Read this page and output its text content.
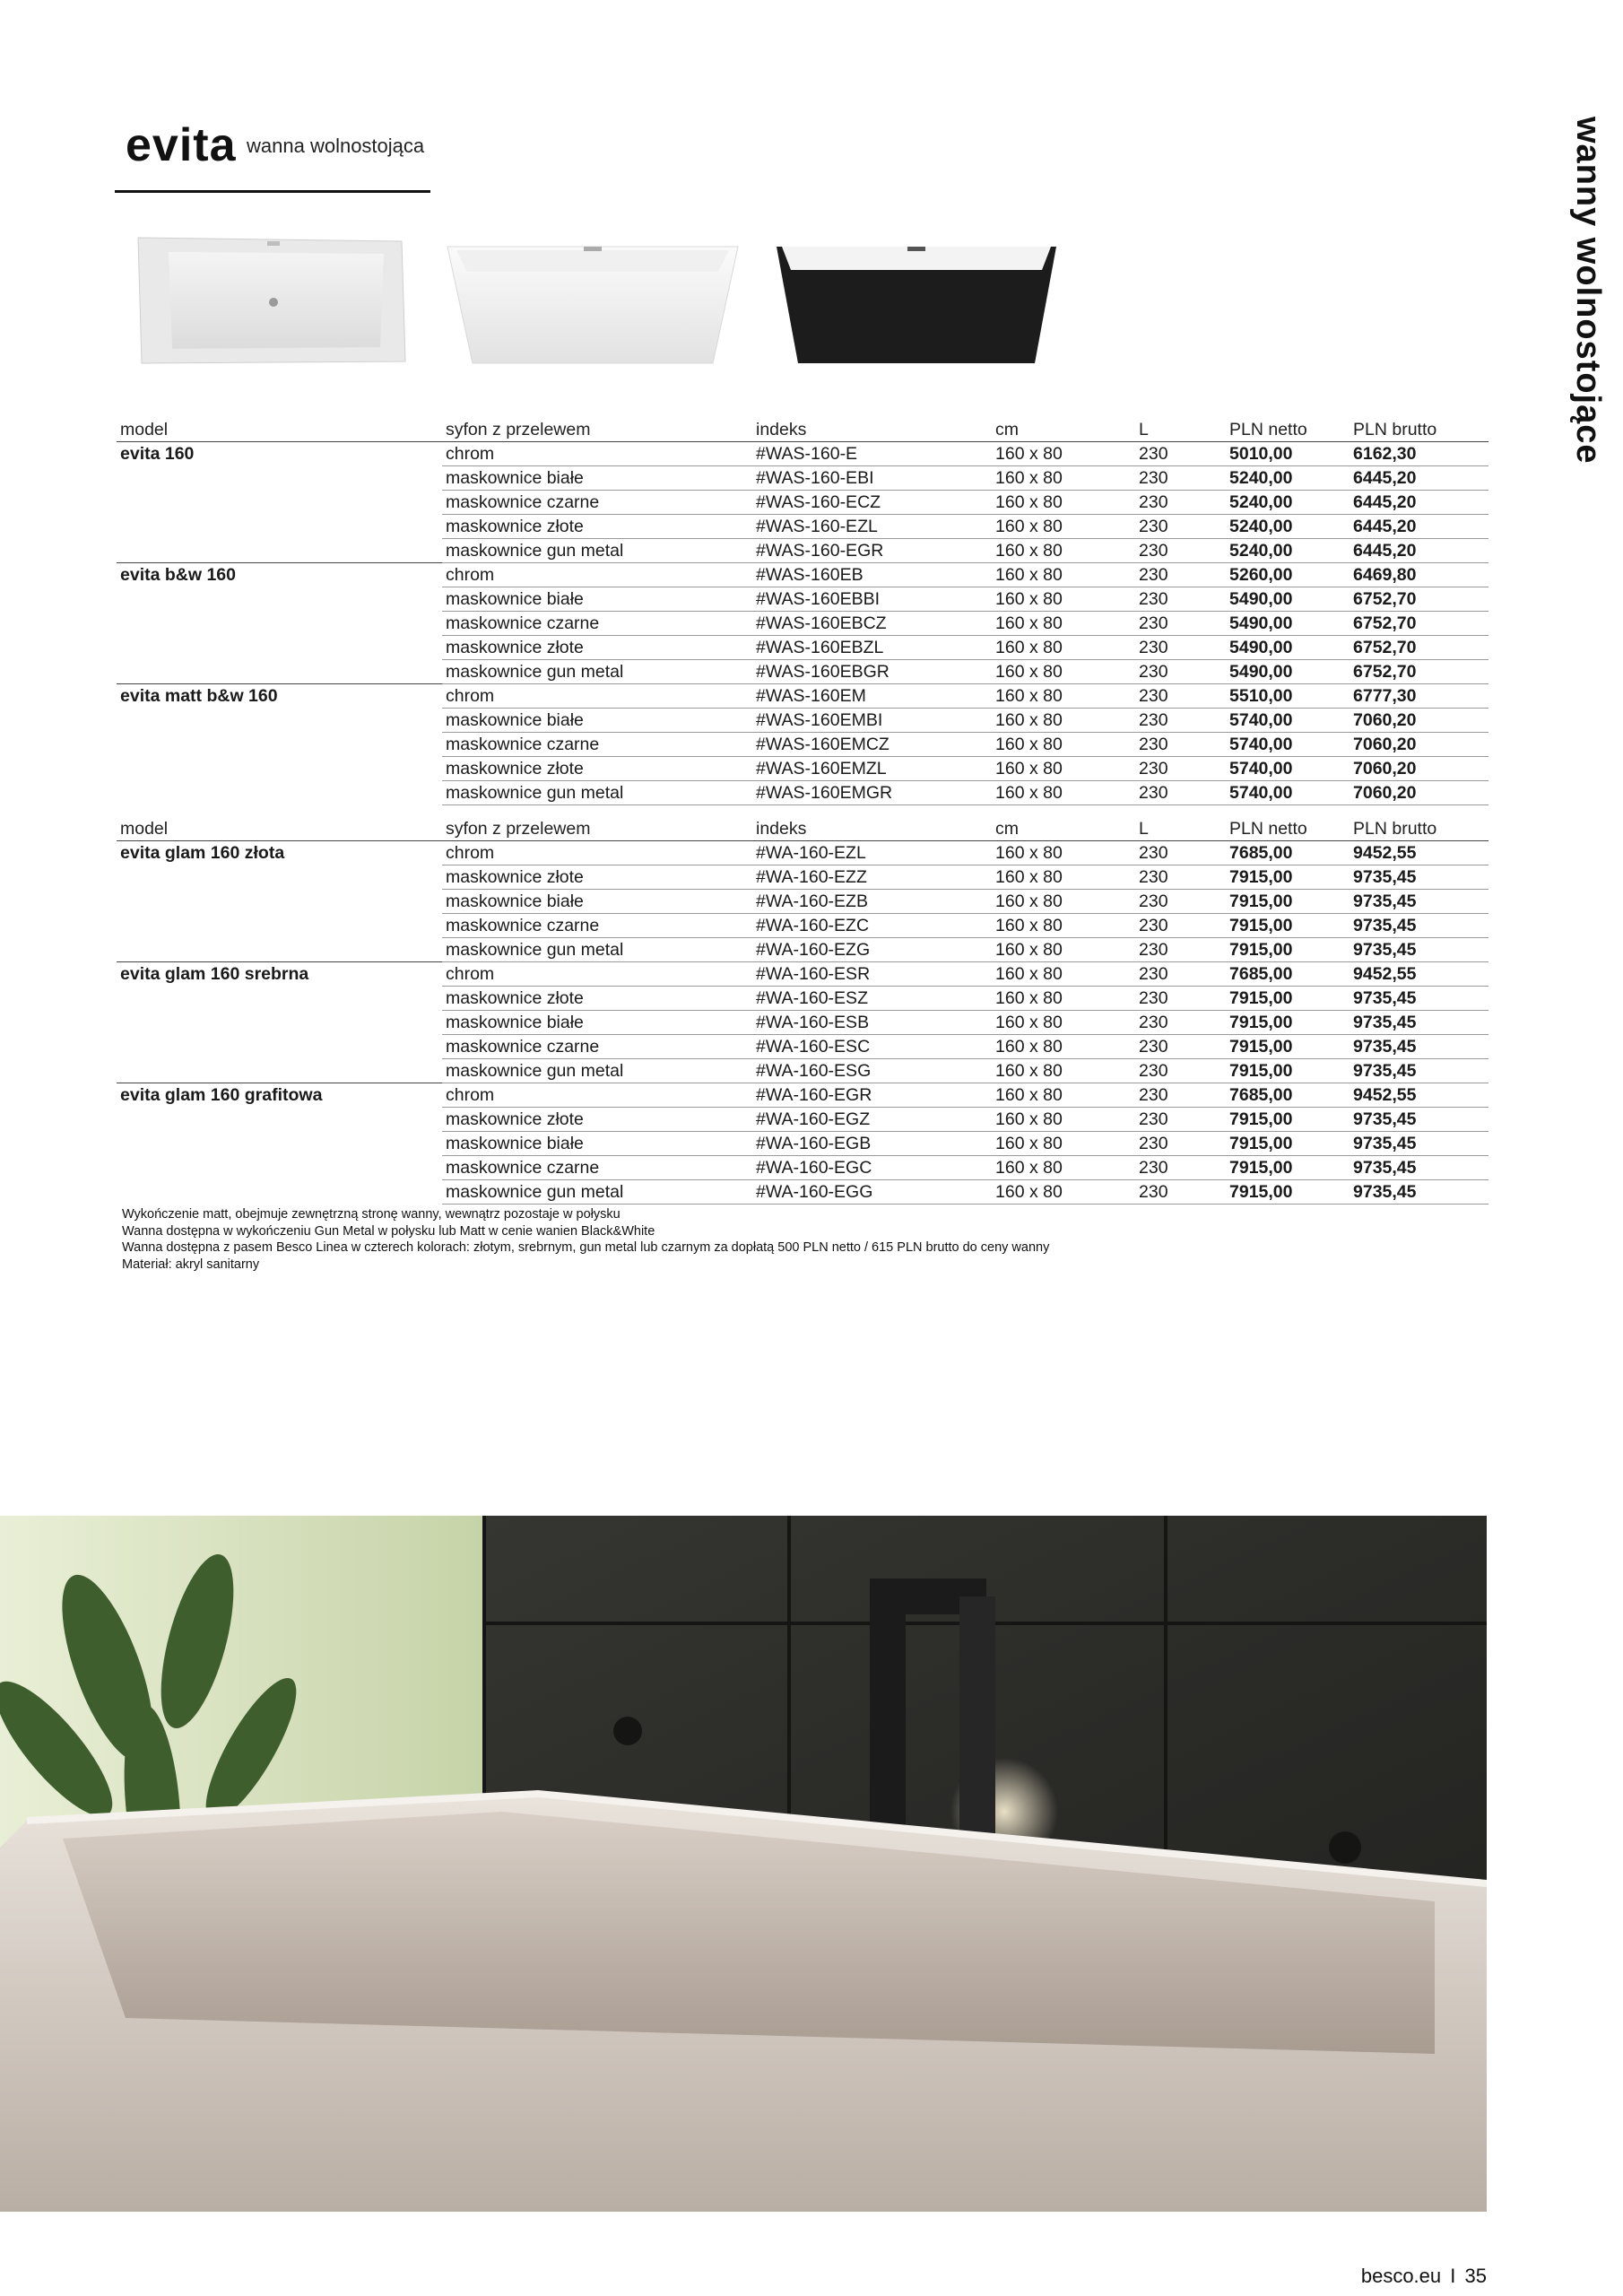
evita wanna wolnostojąca	wanny wolnostojące
model	syfon z przelewem	indeks	cm	L	PLN netto	PLN brutto
evita 160	chrom	#WAS-160-E	160 x 80	230	5010,00	6162,30
	maskownice białe	#WAS-160-EBI	160 x 80	230	5240,00	6445,20
	maskownice czarne	#WAS-160-ECZ	160 x 80	230	5240,00	6445,20
	maskownice złote	#WAS-160-EZL	160 x 80	230	5240,00	6445,20
	maskownice gun metal	#WAS-160-EGR	160 x 80	230	5240,00	6445,20
evita b&w 160	chrom	#WAS-160EB	160 x 80	230	5260,00	6469,80
	maskownice białe	#WAS-160EBBI	160 x 80	230	5490,00	6752,70
	maskownice czarne	#WAS-160EBCZ	160 x 80	230	5490,00	6752,70
	maskownice złote	#WAS-160EBZL	160 x 80	230	5490,00	6752,70
	maskownice gun metal	#WAS-160EBGR	160 x 80	230	5490,00	6752,70
evita matt b&w 160	chrom	#WAS-160EM	160 x 80	230	5510,00	6777,30
	maskownice białe	#WAS-160EMBI	160 x 80	230	5740,00	7060,20
	maskownice czarne	#WAS-160EMCZ	160 x 80	230	5740,00	7060,20
	maskownice złote	#WAS-160EMZL	160 x 80	230	5740,00	7060,20
	maskownice gun metal	#WAS-160EMGR	160 x 80	230	5740,00	7060,20
model	syfon z przelewem	indeks	cm	L	PLN netto	PLN brutto
evita glam 160 złota	chrom	#WA-160-EZL	160 x 80	230	7685,00	9452,55
	maskownice złote	#WA-160-EZZ	160 x 80	230	7915,00	9735,45
	maskownice białe	#WA-160-EZB	160 x 80	230	7915,00	9735,45
	maskownice czarne	#WA-160-EZC	160 x 80	230	7915,00	9735,45
	maskownice gun metal	#WA-160-EZG	160 x 80	230	7915,00	9735,45
evita glam 160 srebrna	chrom	#WA-160-ESR	160 x 80	230	7685,00	9452,55
	maskownice złote	#WA-160-ESZ	160 x 80	230	7915,00	9735,45
	maskownice białe	#WA-160-ESB	160 x 80	230	7915,00	9735,45
	maskownice czarne	#WA-160-ESC	160 x 80	230	7915,00	9735,45
	maskownice gun metal	#WA-160-ESG	160 x 80	230	7915,00	9735,45
evita glam 160 grafitowa	chrom	#WA-160-EGR	160 x 80	230	7685,00	9452,55
	maskownice złote	#WA-160-EGZ	160 x 80	230	7915,00	9735,45
	maskownice białe	#WA-160-EGB	160 x 80	230	7915,00	9735,45
	maskownice czarne	#WA-160-EGC	160 x 80	230	7915,00	9735,45
	maskownice gun metal	#WA-160-EGG	160 x 80	230	7915,00	9735,45
Wykończenie matt, obejmuje zewnętrzną stronę wanny, wewnątrz pozostaje w połysku
Wanna dostępna w wykończeniu Gun Metal w połysku lub Matt w cenie wanien Black&White
Wanna dostępna z pasem Besco Linea w czterech kolorach: złotym, srebrnym, gun metal lub czarnym za dopłatą 500 PLN netto / 615 PLN brutto do ceny wanny
Materiał: akryl sanitarny
besco.eu I 35
